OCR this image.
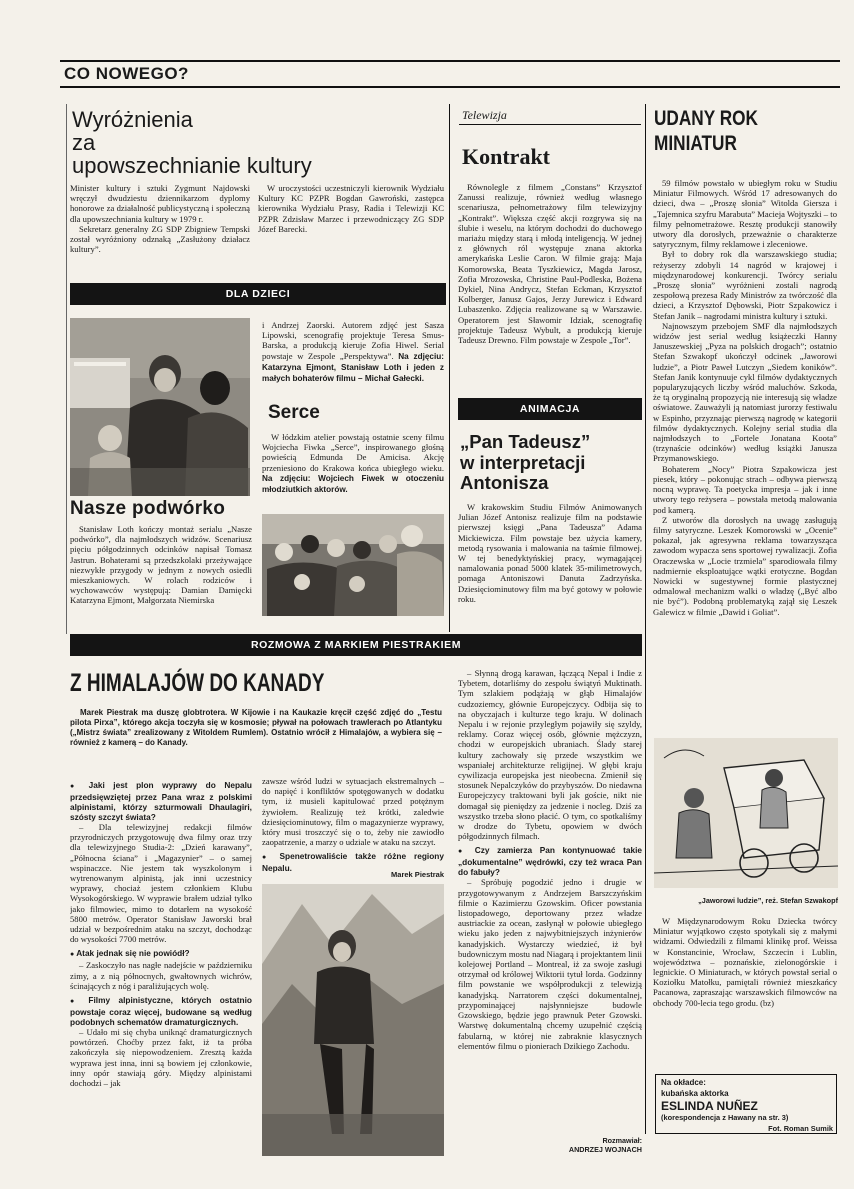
CO NOWEGO?
Wyróżnienia
za
upowszechnianie kultury

Minister kultury i sztuki Zygmunt Najdowski wręczył dwudziestu dziennikarzom dyplomy honorowe za działalność publicystyczną i społeczną dla upowszechniania kultury w 1979 r.

Sekretarz generalny ZG SDP Zbigniew Tempski został wyróżniony odznaką „Zasłużony działacz kultury”.

W uroczystości uczestniczyli kierownik Wydziału Kultury KC PZPR Bogdan Gawroński, zastępca kierownika Wydziału Prasy, Radia i Telewizji KC PZPR Zdzisław Marzec i przewodniczący ZG SDP Józef Barecki.

DLA DZIECI
Nasze podwórko

Stanisław Loth kończy montaż serialu „Nasze podwórko”, dla najmłodszych widzów. Scenariusz pięciu półgodzinnych odcinków napisał Tomasz Jastrun. Bohaterami są przedszkolaki przeżywające niezwykłe przygody w jednym z nowych osiedli mieszkaniowych. W rolach rodziców i wychowawców występują: Damian Damięcki Katarzyna Ejmont, Małgorzata Niemirska

i Andrzej Zaorski. Autorem zdjęć jest Sasza Lipowski, scenografię projektuje Teresa Smus-Barska, a produkcją kieruje Zofia Hiwel. Serial powstaje w Zespole „Perspektywa”. Na zdjęciu: Katarzyna Ejmont, Stanisław Loth i jeden z małych bohaterów filmu – Michał Gałecki.

Serce

W łódzkim atelier powstają ostatnie sceny filmu Wojciecha Fiwka „Serce”, inspirowanego głośną powieścią Edmunda De Amicisa. Akcję przeniesiono do Krakowa końca ubiegłego wieku. Na zdjęciu: Wojciech Fiwek w otoczeniu młodziutkich aktorów.

Telewizja
Kontrakt

Równolegle z filmem „Constans” Krzysztof Zanussi realizuje, również według własnego scenariusza, pełnometrażowy film telewizyjny „Kontrakt”. Większa część akcji rozgrywa się na ślubie i weselu, na którym dochodzi do duchowego mariażu między starą i młodą inteligencją. W jednej z głównych ról występuje znana aktorka amerykańska Leslie Caron. W filmie grają: Maja Komorowska, Beata Tyszkiewicz, Magda Jarosz, Zofia Mrozowska, Christine Paul-Podleska, Bożena Dykiel, Nina Andrycz, Stefan Eckman, Krzysztof Kolberger, Janusz Gajos, Jerzy Jurewicz i Edward Lubaszenko. Zdjęcia realizowane są w Warszawie. Operatorem jest Sławomir Idziak, scenografię projektuje Tadeusz Wybult, a produkcją kieruje Tadeusz Drewno. Film powstaje w Zespole „Tor”.

ANIMACJA
„Pan Tadeusz”
w interpretacji
Antonisza

W krakowskim Studiu Filmów Animowanych Julian Józef Antonisz realizuje film na podstawie pierwszej księgi „Pana Tadeusza” Adama Mickiewicza. Film powstaje bez użycia kamery, metodą rysowania i malowania na taśmie filmowej. W tej benedyktyńskiej pracy, wymagającej namalowania ponad 5000 klatek 35-milimetrowych, pomaga Antoniszowi Danuta Zadrzyńska. Dziesięciominutowy film ma być gotowy w połowie roku.

UDANY ROK
MINIATUR

59 filmów powstało w ubiegłym roku w Studiu Miniatur Filmowych. Wśród 17 adresowanych do dzieci, dwa – „Proszę słonia” Witolda Giersza i „Tajemnica szyfru Marabuta” Macieja Wojtyszki – to filmy pełnometrażowe. Resztę produkcji stanowiły utwory dla dorosłych, przeważnie o charakterze satyrycznym, filmy reklamowe i zleceniowe.

Był to dobry rok dla warszawskiego studia; reżyserzy zdobyli 14 nagród w krajowej i międzynarodowej konkurencji. Twórcy serialu „Proszę słonia” wyróżnieni zostali nagrodą zespołową prezesa Rady Ministrów za twórczość dla dzieci, a Krzysztof Dębowski, Piotr Szpakowicz i Stefan Janik – nagrodami ministra kultury i sztuki.

Najnowszym przebojem SMF dla najmłodszych widzów jest serial według książeczki Hanny Januszewskiej „Pyza na polskich drogach”; ostatnio Stefan Szwakopf ukończył odcinek „Jaworowi ludzie”, a Piotr Paweł Lutczyn „Siedem koników”. Stefan Janik kontynuuje cykl filmów dydaktycznych popularyzujących liczby wśród maluchów. Szkoda, że tą oryginalną propozycją nie interesują się władze oświatowe. Zauważyli ją natomiast jurorzy festiwalu w Espinho, przyznając pierwszą nagrodę w kategorii filmów dydaktycznych. Kolejny serial studia dla najmłodszych to „Fortele Jonatana Koota” (trzynaście odcinków) według książki Janusza Przymanowskiego.

Bohaterem „Nocy” Piotra Szpakowicza jest piesek, który – pokonując strach – odbywa pierwszą nocną wyprawę. Ta poetycka impresja – jak i inne utwory tego reżysera – powstała metodą malowania pod kamerą.

Z utworów dla dorosłych na uwagę zasługują filmy satyryczne. Leszek Komorowski w „Ocenie” pokazał, jak agresywna reklama towarzysząca zawodom wypacza sens sportowej rywalizacji. Zofia Oraczewska w „Locie trzmiela” sparodiowała filmy nadmiernie eksploatujące wątki erotyczne. Bogdan Nowicki w sugestywnej formie plastycznej odmalował mechanizm walki o władzę („Być albo nie być”). Podobną problematyką zajął się Leszek Galewicz w filmie „Dawid i Goliat”.

„Jaworowi ludzie”, reż. Stefan Szwakopf

W Międzynarodowym Roku Dziecka twórcy Miniatur wyjątkowo często spotykali się z małymi widzami. Odwiedzili z filmami klinikę prof. Weissa w Konstancinie, Wrocław, Szczecin i Lublin, województwa – poznańskie, zielonogórskie i legnickie. O Miniaturach, w których powstał serial o Koziołku Matołku, pamiętali również mieszkańcy Pacanowa, zapraszając warszawskich filmowców na obchody 700-lecia tego grodu. (bz)

Na okładce:
kubańska aktorka
ESLINDA NUÑEZ
(korespondencja z Hawany na str. 3)
Fot. Roman Sumik
ROZMOWA Z MARKIEM PIESTRAKIEM
Z HIMALAJÓW DO KANADY
Marek Piestrak ma duszę globtrotera. W Kijowie i na Kaukazie kręcił część zdjęć do „Testu pilota Pirxa”, którego akcja toczyła się w kosmosie; pływał na połowach trawlerach po Atlantyku („Mistrz świata” zrealizowany z Witoldem Rumlem). Ostatnio wrócił z Himalajów, a wybiera się – również z kamerą – do Kanady.

● Jaki jest plon wyprawy do Nepalu przedsięwziętej przez Pana wraz z polskimi alpinistami, którzy szturmowali Dhaulagiri, szósty szczyt świata?

– Dla telewizyjnej redakcji filmów przyrodniczych przygotowuję dwa filmy oraz trzy dla telewizyjnego Studia-2: „Dzień karawany”, „Północna ściana” i „Magazynier” – o samej wspinaczce. Nie jestem tak wyszkolonym i wytrenowanym alpinistą, jak inni uczestnicy wyprawy, chociaż jestem członkiem Klubu Wysokogórskiego. W wyprawie brałem udział tylko jako filmowiec, mimo to dotarłem na wysokość 5800 metrów. Operator Stanisław Jaworski brał udział w bezpośrednim ataku na szczyt, dochodząc do wysokości 7700 metrów.

● Atak jednak się nie powiódł?

– Zaskoczyło nas nagłe nadejście w październiku zimy, a z nią północnych, gwałtownych wichrów, ścinających z nóg i paraliżujących wolę.

● Filmy alpinistyczne, których ostatnio powstaje coraz więcej, budowane są według podobnych schematów dramaturgicznych.

– Udało mi się chyba uniknąć dramaturgicznych powtórzeń. Choćby przez fakt, iż ta próba zakończyła się niepowodzeniem. Zresztą każda wyprawa jest inna, inni są bowiem jej członkowie, inny opór stawiają góry. Między alpinistami dochodzi – jak

zawsze wśród ludzi w sytuacjach ekstremalnych – do napięć i konfliktów spotęgowanych w dodatku tym, iż musieli kapitulować przed potężnym żywiołem. Realizuję też krótki, zaledwie dziesięciominutowy, film o magazynierze wyprawy, który musi troszczyć się o to, żeby nie zawiodło zaopatrzenie, a marzy o udziale w ataku na szczyt.

● Spenetrowaliście także różne regiony Nepalu.

Marek Piestrak

– Słynną drogą karawan, łączącą Nepal i Indie z Tybetem, dotarliśmy do zespołu świątyń Muktinath. Tym szlakiem podążają w głąb Himalajów cudzoziemcy, głównie Europejczycy. Odbija się to na obyczajach i kulturze tego kraju. W dolinach Nepalu i w rejonie przyległym pojawiły się szyldy, reklamy. Coraz więcej osób, głównie mężczyzn, chodzi w europejskich ubraniach. Ślady starej kultury zachowały się przede wszystkim we wspaniałej architekturze religijnej. W głębi kraju cywilizacja europejska jest nieobecna. Zmienił się stosunek Nepalczyków do przybyszów. Do niedawna Europejczycy traktowani byli jak goście, nikt nie domagał się pieniędzy za jedzenie i nocleg. Dziś za wszystko trzeba słono płacić. O tym, co spotkaliśmy w drodze do Tybetu, opowiem w dwóch półgodzinnych filmach.

● Czy zamierza Pan kontynuować takie „dokumentalne” wędrówki, czy też wraca Pan do fabuły?

– Spróbuję pogodzić jedno i drugie w przygotowywanym z Andrzejem Barszczyńskim filmie o Kazimierzu Gzowskim. Oficer powstania listopadowego, deportowany przez władze austriackie za ocean, zasłynął w połowie ubiegłego wieku jako jeden z najwybitniejszych inżynierów kanadyjskich. Wystarczy wiedzieć, iż był budowniczym mostu nad Niagarą i projektantem linii kolejowej Portland – Montreal, iż za swoje zasługi otrzymał od królowej Wiktorii tytuł lorda. Godzinny film powstanie we współprodukcji z telewizją kanadyjską. Narratorem części dokumentalnej, przypominającej najsłynniejsze budowle Gzowskiego, będzie jego prawnuk Peter Gzowski. Warstwę dokumentalną chcemy uzupełnić częścią fabularną, w której nie zabraknie klasycznych elementów filmu o pionierach Dzikiego Zachodu.

Rozmawiał:
ANDRZEJ WOJNACH
